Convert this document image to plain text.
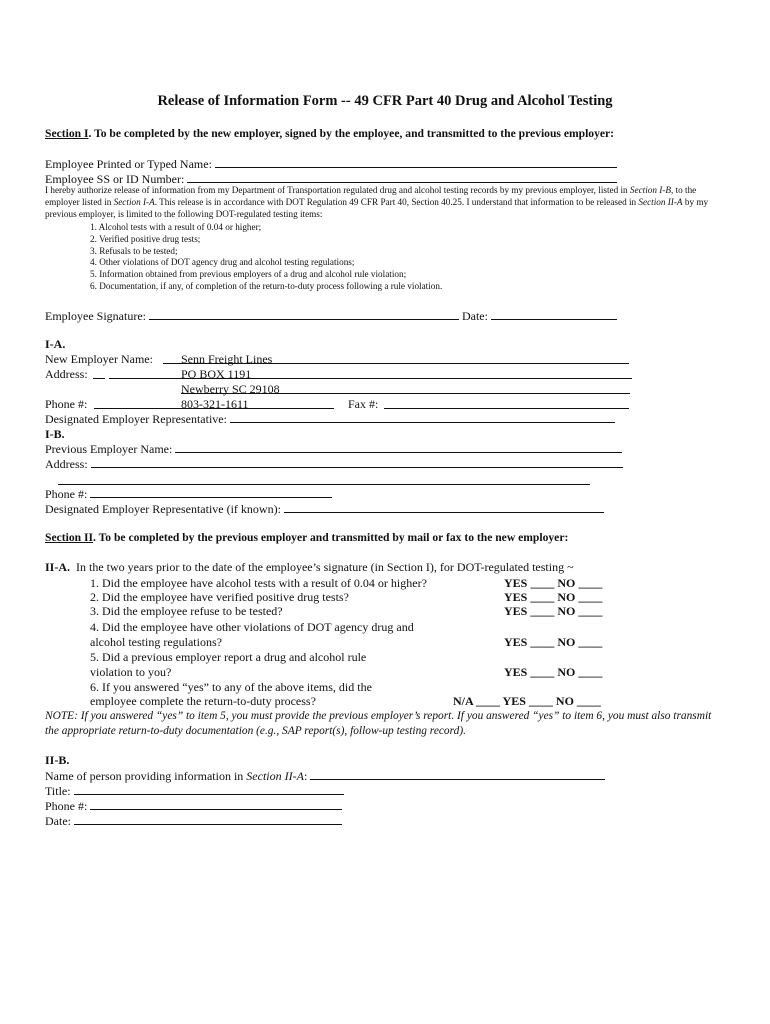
Release of Information Form -- 49 CFR Part 40 Drug and Alcohol Testing
Section I. To be completed by the new employer, signed by the employee, and transmitted to the previous employer:
Employee Printed or Typed Name:
Employee SS or ID Number:
I hereby authorize release of information from my Department of Transportation regulated drug and alcohol testing records by my previous employer, listed in Section I-B, to the employer listed in Section I-A. This release is in accordance with DOT Regulation 49 CFR Part 40, Section 40.25. I understand that information to be released in Section II-A by my previous employer, is limited to the following DOT-regulated testing items:
1. Alcohol tests with a result of 0.04 or higher;
2. Verified positive drug tests;
3. Refusals to be tested;
4. Other violations of DOT agency drug and alcohol testing regulations;
5. Information obtained from previous employers of a drug and alcohol rule violation;
6. Documentation, if any, of completion of the return-to-duty process following a rule violation.
Employee Signature:	Date:
I-A.
New Employer Name: Senn Freight Lines
Address:	PO BOX 1191
Newberry SC 29108
Phone #:	803-321-1611	Fax #:
Designated Employer Representative:
I-B.
Previous Employer Name:
Address:
Phone #:
Designated Employer Representative (if known):
Section II. To be completed by the previous employer and transmitted by mail or fax to the new employer:
II-A. In the two years prior to the date of the employee’s signature (in Section I), for DOT-regulated testing ~
1. Did the employee have alcohol tests with a result of 0.04 or higher?	YES ____ NO ____
2. Did the employee have verified positive drug tests?	YES ____ NO ____
3. Did the employee refuse to be tested?	YES ____ NO ____
4. Did the employee have other violations of DOT agency drug and
alcohol testing regulations?	YES ____ NO ____
5. Did a previous employer report a drug and alcohol rule
violation to you?	YES ____ NO ____
6. If you answered “yes” to any of the above items, did the
employee complete the return-to-duty process?	N/A ____ YES ____ NO ____
NOTE: If you answered “yes” to item 5, you must provide the previous employer’s report. If you answered “yes” to item 6, you must also transmit the appropriate return-to-duty documentation (e.g., SAP report(s), follow-up testing record).
II-B.
Name of person providing information in Section II-A:
Title:
Phone #:
Date:
